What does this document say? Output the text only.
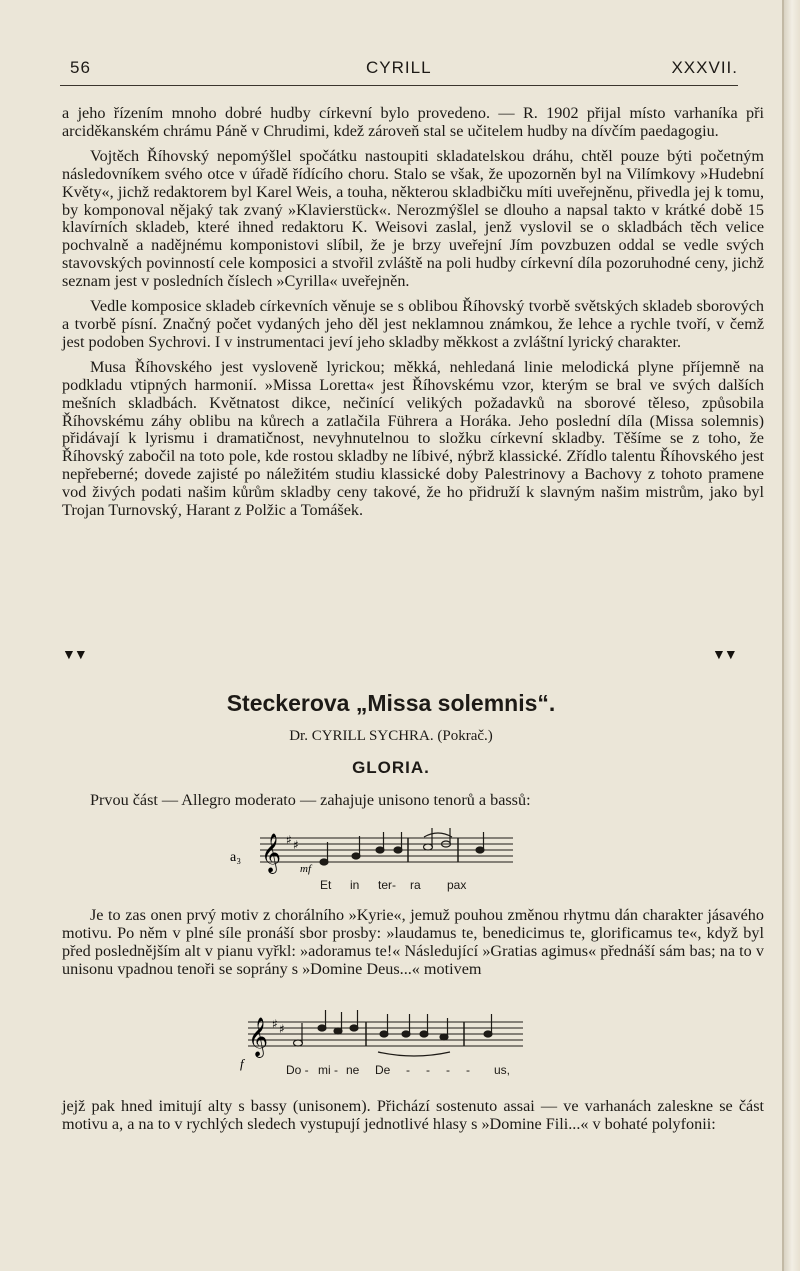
56	CYRILL	XXXVII.

a jeho řízením mnoho dobré hudby církevní bylo provedeno. — R. 1902 přijal místo varhaníka při arciděkanském chrámu Páně v Chrudimi, kdež zároveň stal se učitelem hudby na dívčím paedagogiu.

Vojtěch Říhovský nepomýšlel spočátku nastoupiti skladatelskou dráhu, chtěl pouze býti početným následovníkem svého otce v úřadě řídícího choru. Stalo se však, že upozorněn byl na Vilímkovy »Hudební Květy«, jichž redaktorem byl Karel Weis, a touha, některou skladbičku míti uveřejněnu, přivedla jej k tomu, by komponoval nějaký tak zvaný »Klavierstück«. Nerozmýšlel se dlouho a napsal takto v krátké době 15 klavírních skladeb, které ihned redaktoru K. Weisovi zaslal, jenž vyslovil se o skladbách těch velice pochvalně a nadějnému komponistovi slíbil, že je brzy uveřejní Jím povzbuzen oddal se vedle svých stavovských povinností cele komposici a stvořil zvláště na poli hudby církevní díla pozoruhodné ceny, jichž seznam jest v posledních číslech »Cyrilla« uveřejněn.

Vedle komposice skladeb církevních věnuje se s oblibou Říhovský tvorbě světských skladeb sborových a tvorbě písní. Značný počet vydaných jeho děl jest neklamnou známkou, že lehce a rychle tvoří, v čemž jest podoben Sychrovi. I v instrumentaci jeví jeho skladby měkkost a zvláštní lyrický charakter.

Musa Říhovského jest vysloveně lyrickou; měkká, nehledaná linie melodická plyne příjemně na podkladu vtipných harmonií. »Missa Loretta« jest Říhovskému vzor, kterým se bral ve svých dalších mešních skladbách. Květnatost dikce, nečinící velikých požadavků na sborové těleso, způsobila Říhovskému záhy oblibu na kůrech a zatlačila Führera a Horáka. Jeho poslední díla (Missa solemnis) přidávají k lyrismu i dramatičnost, nevyhnutelnou to složku církevní skladby. Těšíme se z toho, že Říhovský zabočil na toto pole, kde rostou skladby ne líbivé, nýbrž klassické. Zřídlo talentu Říhovského jest nepřeberné; dovede zajisté po náležitém studiu klassické doby Palestrinovy a Bachovy z tohoto pramene vod živých podati našim kůrům skladby ceny takové, že ho přidruží k slavným našim mistrům, jako byl Trojan Turnovský, Harant z Polžic a Tomášek.

▼▼	▼▼
Steckerova „Missa solemnis“.
Dr. CYRILL SYCHRA. (Pokrač.)
GLORIA.

Prvou část — Allegro moderato — zahajuje unisono tenorů a bassů:

a₃ 𝄞 ♯ ♯
mf
Et in ter- ra pax

Je to zas onen prvý motiv z chorálního »Kyrie«, jemuž pouhou změnou rhytmu dán charakter jásavého motivu. Po něm v plné síle pronáší sbor prosby: »laudamus te, benedicimus te, glorificamus te«, když byl před poslednějším alt v pianu vyřkl: »adoramus te!« Následující »Gratias agimus« přednáší sám bas; na to v unisonu vpadnou tenoři se soprány s »Domine Deus...« motivem

𝄞 ♯ ♯
f	Do - mi - ne De - - - - us,

jejž pak hned imitují alty s bassy (unisonem). Přichází sostenuto assai — ve varhanách zaleskne se část motivu a, a na to v rychlých sledech vystupují jednotlivé hlasy s »Domine Fili...« v bohaté polyfonii:
